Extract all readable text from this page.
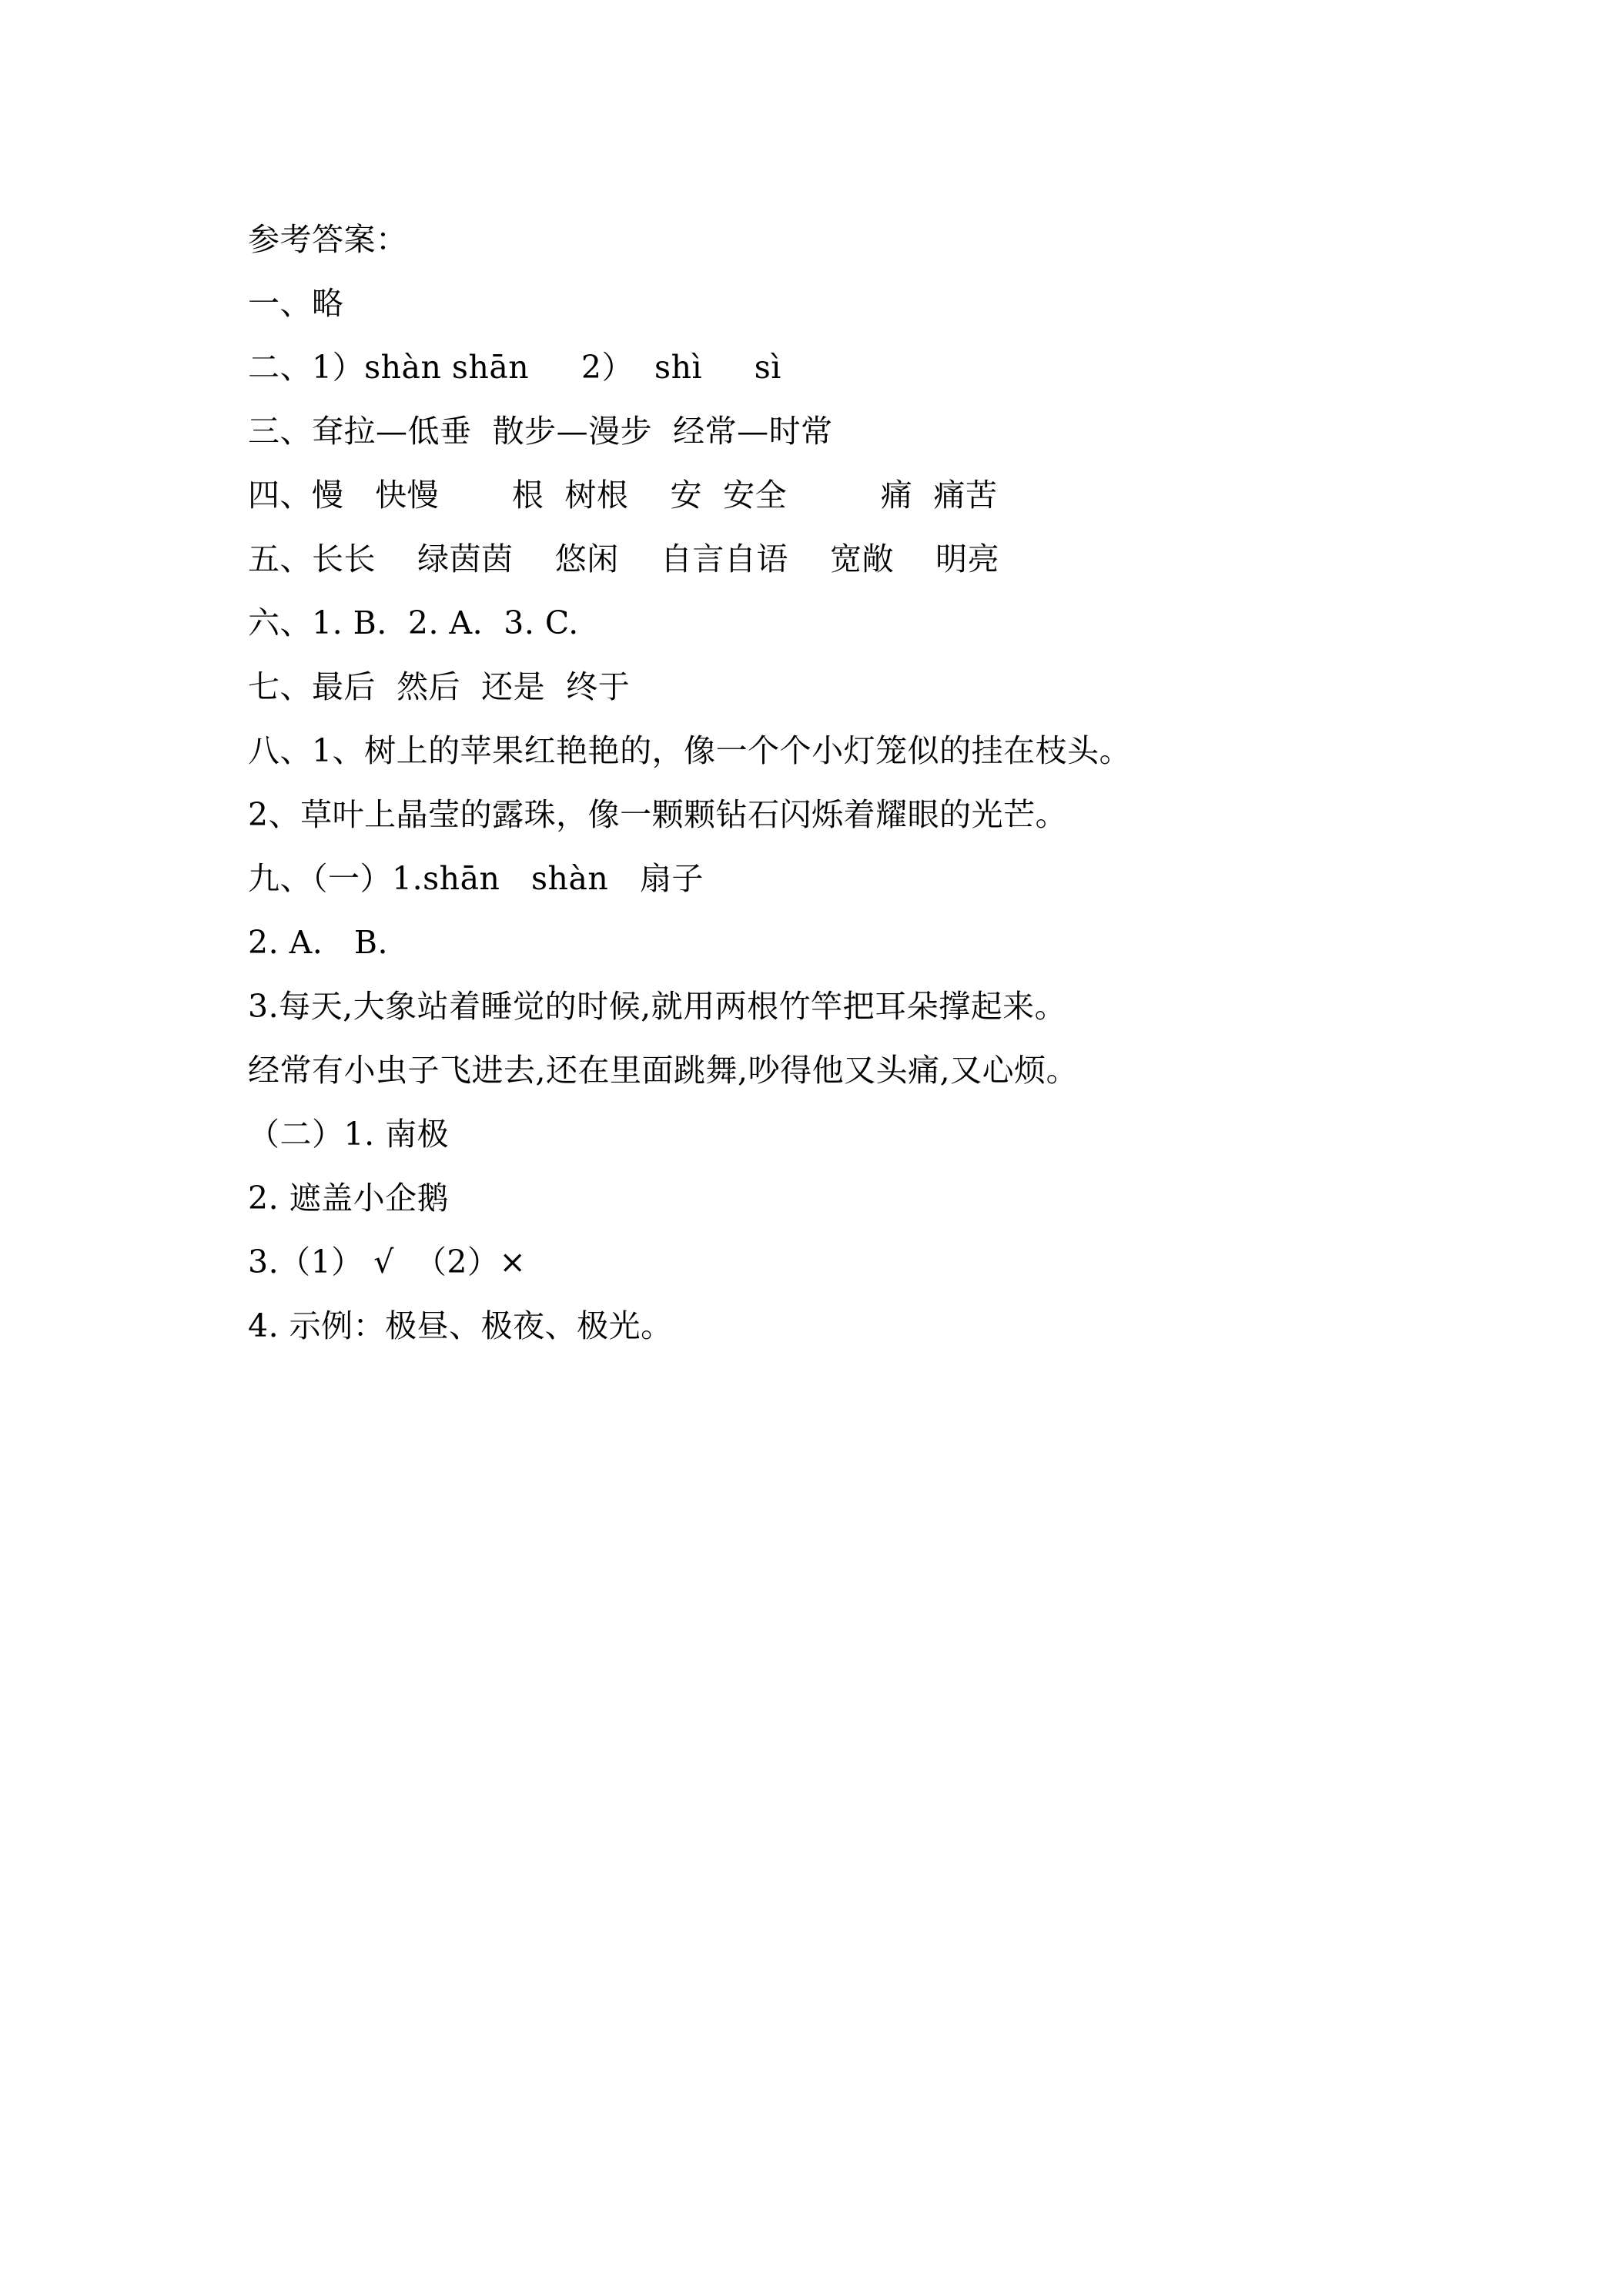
参考答案：
一、略
二、1）shàn shān     2）  shì     sì
三、耷拉—低垂  散步—漫步  经常—时常
四、慢   快慢       根  树根    安  安全         痛  痛苦
五、长长    绿茵茵    悠闲    自言自语    宽敞    明亮
六、1. B.  2. A.  3. C.
七、最后  然后  还是  终于
八、1、树上的苹果红艳艳的，像一个个小灯笼似的挂在枝头。
2、草叶上晶莹的露珠，像一颗颗钻石闪烁着耀眼的光芒。
九、（一）1.shān   shàn   扇子
2. A.   B.
3.每天,大象站着睡觉的时候,就用两根竹竿把耳朵撑起来。
经常有小虫子飞进去,还在里面跳舞,吵得他又头痛,又心烦。
（二）1. 南极
2. 遮盖小企鹅
3.（1） √  （2）×
4. 示例：极昼、极夜、极光。
